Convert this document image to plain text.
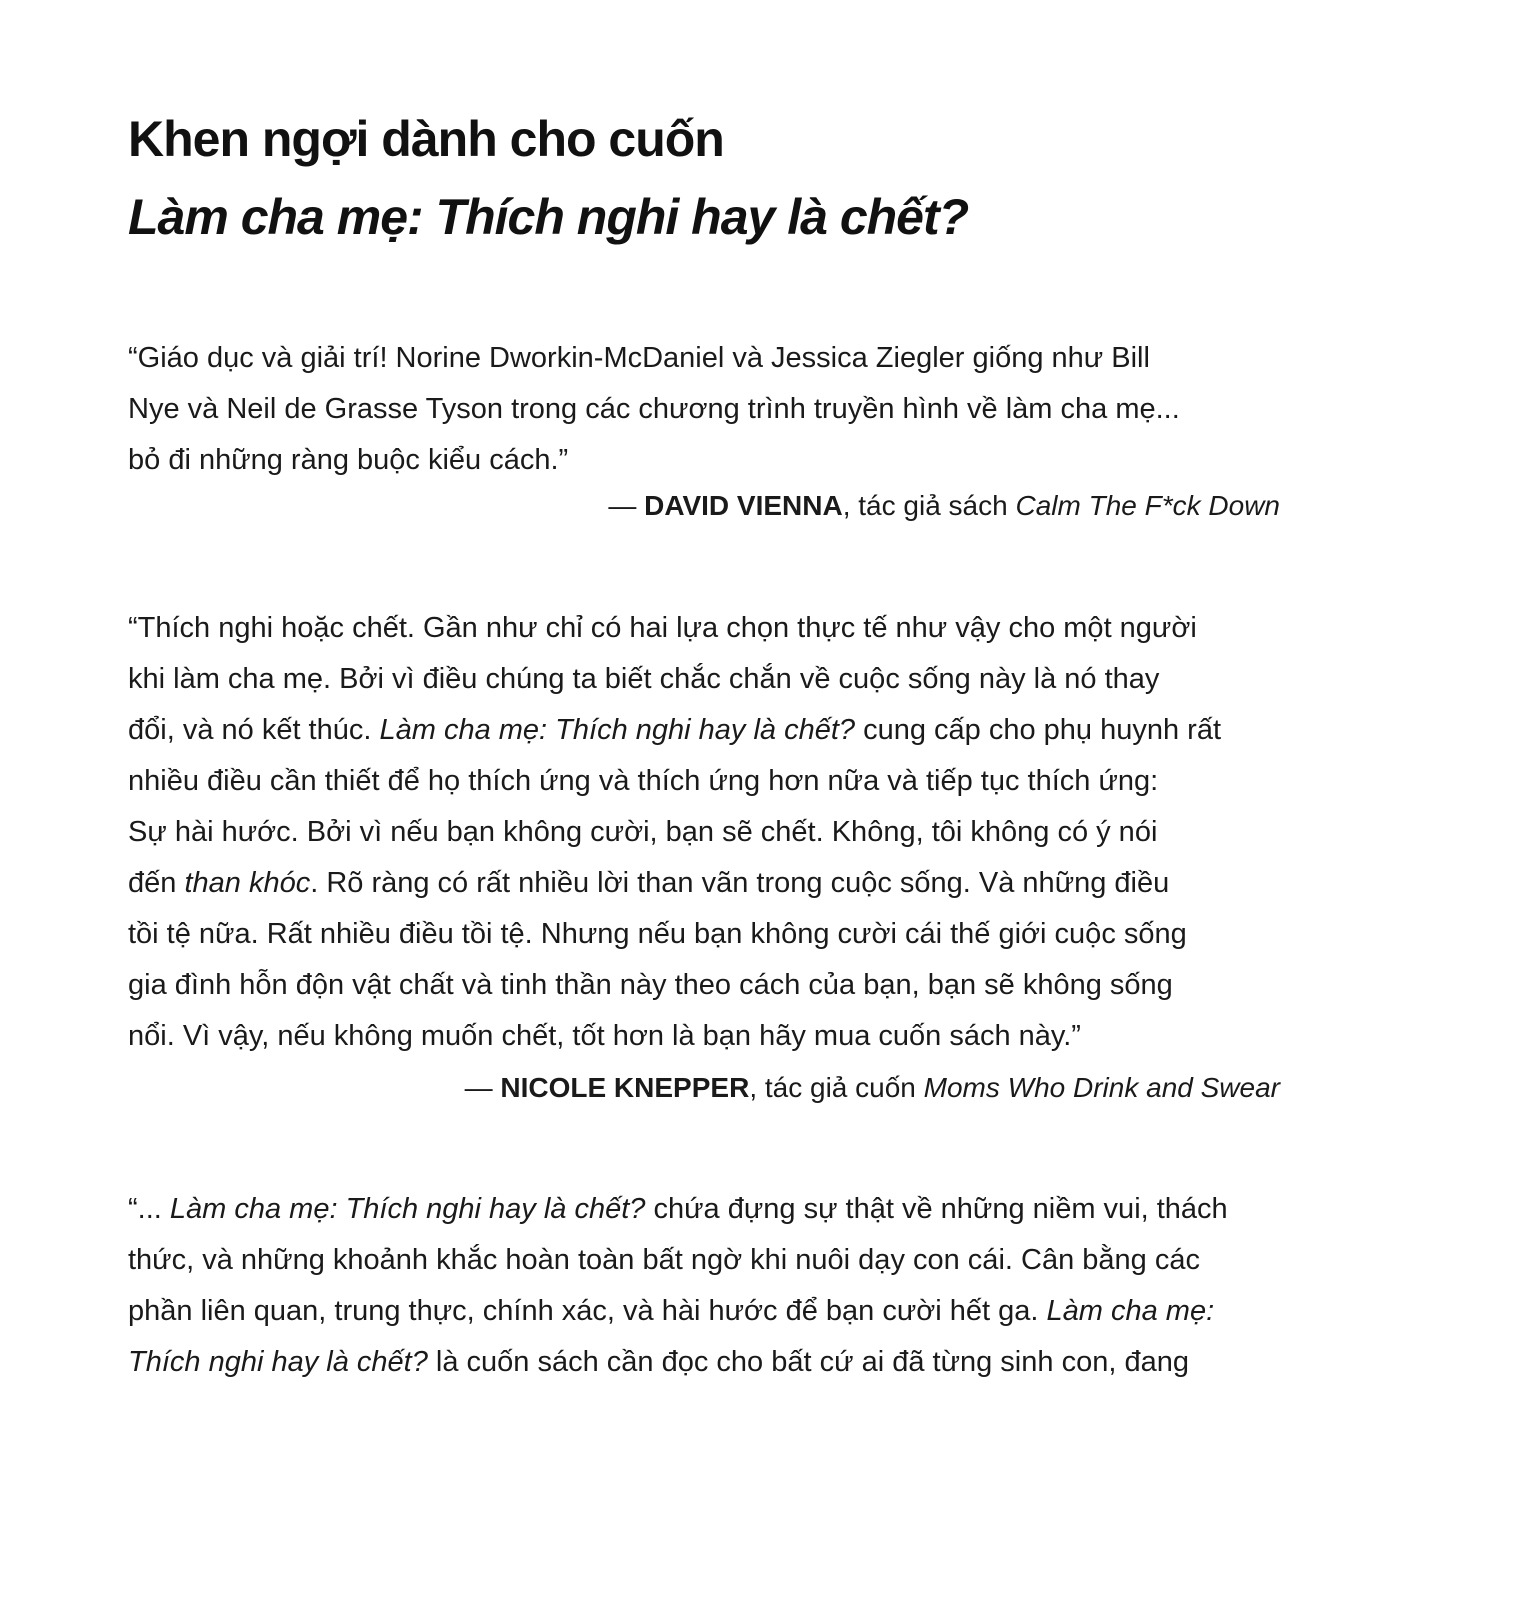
Khen ngợi dành cho cuốn
Làm cha mẹ: Thích nghi hay là chết?
“Giáo dục và giải trí! Norine Dworkin-McDaniel và Jessica Ziegler giống như Bill
Nye và Neil de Grasse Tyson trong các chương trình truyền hình về làm cha mẹ...
bỏ đi những ràng buộc kiểu cách.”
— DAVID VIENNA, tác giả sách Calm The F*ck Down
“Thích nghi hoặc chết. Gần như chỉ có hai lựa chọn thực tế như vậy cho một người
khi làm cha mẹ. Bởi vì điều chúng ta biết chắc chắn về cuộc sống này là nó thay
đổi, và nó kết thúc. Làm cha mẹ: Thích nghi hay là chết? cung cấp cho phụ huynh rất
nhiều điều cần thiết để họ thích ứng và thích ứng hơn nữa và tiếp tục thích ứng:
Sự hài hước. Bởi vì nếu bạn không cười, bạn sẽ chết. Không, tôi không có ý nói
đến than khóc. Rõ ràng có rất nhiều lời than vãn trong cuộc sống. Và những điều
tồi tệ nữa. Rất nhiều điều tồi tệ. Nhưng nếu bạn không cười cái thế giới cuộc sống
gia đình hỗn độn vật chất và tinh thần này theo cách của bạn, bạn sẽ không sống
nổi. Vì vậy, nếu không muốn chết, tốt hơn là bạn hãy mua cuốn sách này.”
— NICOLE KNEPPER, tác giả cuốn Moms Who Drink and Swear
“... Làm cha mẹ: Thích nghi hay là chết? chứa đựng sự thật về những niềm vui, thách
thức, và những khoảnh khắc hoàn toàn bất ngờ khi nuôi dạy con cái. Cân bằng các
phần liên quan, trung thực, chính xác, và hài hước để bạn cười hết ga. Làm cha mẹ:
Thích nghi hay là chết? là cuốn sách cần đọc cho bất cứ ai đã từng sinh con, đang
